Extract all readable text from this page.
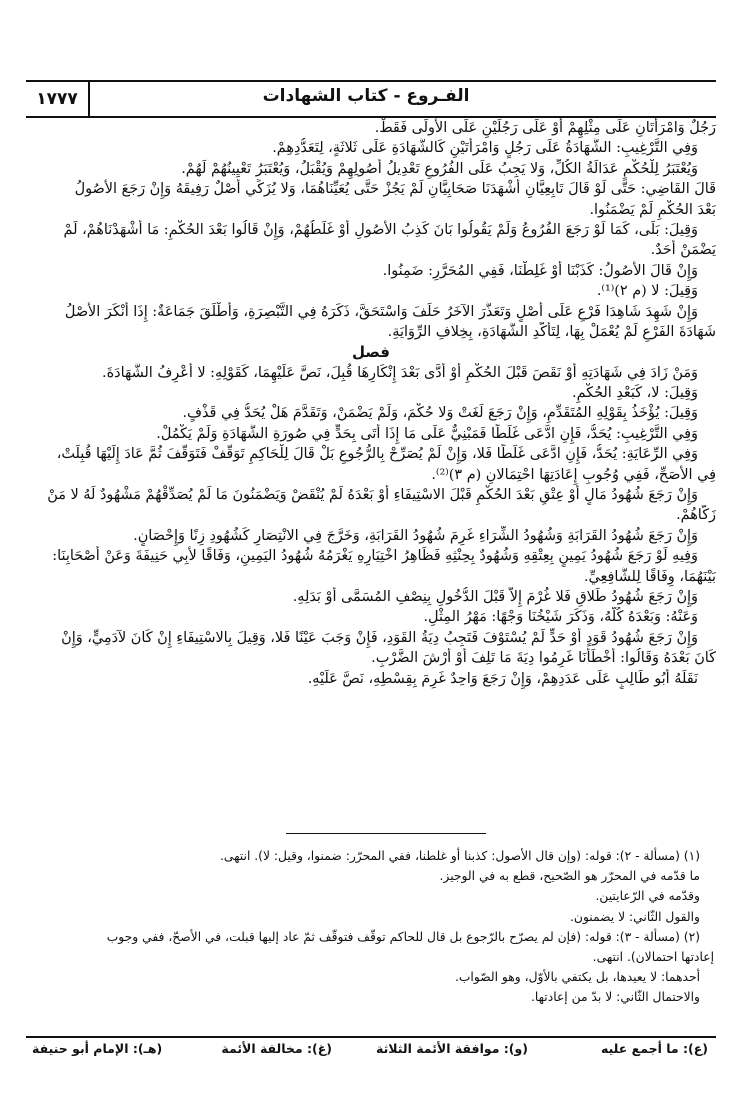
الفـروع - كتاب الشهادات
١٧٧٧
رَجُلٌ وَامْرَأَتَانِ عَلَى مِثْلِهِمْ أَوْ عَلَى رَجُلَيْنِ عَلَى الأُولَى فَقَطْ.
وَفِي التَّرْغِيبِ: الشَّهَادَةُ عَلَى رَجُلٍ وَامْرَأَتَيْنِ كَالشَّهَادَةِ عَلَى ثَلاثَةٍ، لِتَعَدُّدِهِمْ.
وَيُعْتَبَرُ لِلْحُكْمِ عَدَالَةُ الكُلِّ، وَلا يَجِبُ عَلَى الفُرُوعِ تَعْدِيلُ أُصُولِهِمْ وَيُقْبَلُ، وَيُعْتَبَرُ تَعْيِينُهُمْ لَهُمْ.
قَالَ القَاضِي: حَتَّى لَوْ قَالَ تَابِعِيَّانِ أَشْهَدَنَا صَحَابِيَّانِ لَمْ يَجُزْ حَتَّى يُعَيِّنَاهُمَا، وَلا يُزَكِّي أَصْلٌ رَفِيقَهُ وَإِنْ رَجَعَ الأُصُولُ
بَعْدَ الحُكْمِ لَمْ يَضْمَنُوا.
وَقِيلَ: بَلَى، كَمَا لَوْ رَجَعَ الفُرُوعُ وَلَمْ يَقُولُوا بَانَ كَذِبُ الأُصُولِ أَوْ غَلَطُهُمْ، وَإِنْ قَالُوا بَعْدَ الحُكْمِ: مَا أَشْهَدْنَاهُمْ، لَمْ
يَضْمَنْ أَحَدٌ.
وَإِنْ قَالَ الأُصُولُ: كَذَبْنَا أَوْ غَلِطْنَا، فَفِي المُحَرَّرِ: ضَمِنُوا.
وَقِيلَ: لا (م ٢)⁽¹⁾.
وَإِنْ شَهِدَ شَاهِدَا فَرْعٍ عَلَى أَصْلٍ وَتَعَذَّرَ الآخَرُ حَلَفَ وَاسْتَحَقَّ، ذَكَرَهُ فِي التَّبْصِرَةِ، وَأَطْلَقَ جَمَاعَةٌ: إِذَا أَنْكَرَ الأَصْلُ
شَهَادَةَ الفَرْعِ لَمْ يُعْمَلْ بِهَا، لِتَأَكُّدِ الشَّهَادَةِ، بِخِلافِ الرِّوَايَةِ.
فصل
وَمَنْ زَادَ فِي شَهَادَتِهِ أَوْ نَقَصَ قَبْلَ الحُكْمِ أَوْ أَدَّى بَعْدَ إِنْكَارِهَا قُبِلَ، نَصَّ عَلَيْهِمَا، كَقَوْلِهِ: لا أَعْرِفُ الشَّهَادَةَ.
وَقِيلَ: لا، كَبَعْدِ الحُكْمِ.
وَقِيلَ: يُؤْخَذُ بِقَوْلِهِ المُتَقَدِّمِ، وَإِنْ رَجَعَ لَغَتْ وَلا حُكْمَ، وَلَمْ يَضْمَنْ، وَتَقَدَّمَ هَلْ يُحَدُّ فِي قَذْفٍ.
وَفِي التَّرْغِيبِ: يُحَدُّ، فَإِنِ ادَّعَى غَلَطًا فَمَبْنِيٌّ عَلَى مَا إِذَا أَتَى بِحَدٍّ فِي صُورَةِ الشَّهَادَةِ وَلَمْ يَكْمُلْ.
وَفِي الرِّعَايَةِ: يُحَدُّ، فَإِنِ ادَّعَى غَلَطًا فَلا، وَإِنْ لَمْ يُصَرِّحْ بِالرُّجُوعِ بَلْ قَالَ لِلْحَاكِمِ تَوَقَّفْ فَتَوَقَّفَ ثُمَّ عَادَ إِلَيْهَا قُبِلَتْ،
فِي الأَصَحِّ، فَفِي وُجُوبِ إِعَادَتِهَا احْتِمَالانِ (م ٣)⁽²⁾.
وَإِنْ رَجَعَ شُهُودُ مَالٍ أَوْ عِتْقٍ بَعْدَ الحُكْمِ قَبْلَ الاسْتِيفَاءِ أَوْ بَعْدَهُ لَمْ يُنْقَضْ وَيَضْمَنُونَ مَا لَمْ يُصَدِّقْهُمْ مَشْهُودٌ لَهُ لا مَنْ
زَكَّاهُمْ.
وَإِنْ رَجَعَ شُهُودُ القَرَابَةِ وَشُهُودُ الشِّرَاءِ غَرِمَ شُهُودُ القَرَابَةِ، وَخَرَّجَ فِي الانْتِصَارِ كَشُهُودِ زِنًا وَإِحْصَانٍ.
وَفِيهِ لَوْ رَجَعَ شُهُودُ يَمِينٍ بِعِتْقِهِ وَشُهُودٌ بِحِنْثِهِ فَظَاهِرُ اخْتِيَارِهِ يَغْرَمُهُ شُهُودُ اليَمِينِ، وَفَاقًا لأَبِي حَنِيفَةَ وَعَنْ أَصْحَابِنَا:
بَيْنَهُمَا، وِفَاقًا لِلشَّافِعِيِّ.
وَإِنْ رَجَعَ شُهُودُ طَلاقٍ فَلا غُرْمَ إِلاَّ قَبْلَ الدُّخُولِ بِنِصْفِ المُسَمَّى أَوْ بَدَلِهِ.
وَعَنْهُ: وَبَعْدَهُ كُلَّهُ، وَذَكَرَ شَيْخُنَا وَجْهًا: مَهْرُ المِثْلِ.
وَإِنْ رَجَعَ شُهُودُ قَوَدٍ أَوْ حَدٍّ لَمْ يُسْتَوْفَ فَتَجِبُ دِيَةُ القَوَدِ، فَإِنْ وَجَبَ عَيْنًا فَلا، وَقِيلَ بِالاسْتِيفَاءِ إِنْ كَانَ لآدَمِيٍّ، وَإِنْ
كَانَ بَعْدَهُ وَقَالُوا: أَخْطَأْنَا غَرِمُوا دِيَةَ مَا تَلِفَ أَوْ أَرْشَ الضَّرْبِ.
نَقَلَهُ أَبُو طَالِبٍ عَلَى عَدَدِهِمْ، وَإِنْ رَجَعَ وَاحِدٌ غَرِمَ بِقِسْطِهِ، نَصَّ عَلَيْهِ.
(١) (مسألة - ٢): قوله: (وإن قال الأصول: كذبنا أو غلطنا، ففي المحرّر: ضمنوا، وقيل: لا). انتهى.
ما قدّمه في المحرّر هو الصّحيح، قطع به في الوجيز.
وقدّمه في الرّعايتين.
والقول الثّاني: لا يضمنون.
(٢) (مسألة - ٣): قوله: (فإن لم يصرّح بالرّجوع بل قال للحاكم توقّف فتوقّف ثمّ عاد إليها قبلت، في الأصحّ، ففي وجوب
إعادتها احتمالان). انتهى.
أحدهما: لا يعيدها، بل يكتفي بالأوّل، وهو الصّواب.
والاحتمال الثّاني: لا بدّ من إعادتها.
(ع): ما أجمع عليه
(و): موافقة الأئمة الثلاثة
(غ): مخالفة الأئمة
(هـ): الإمام أبو حنيفة
